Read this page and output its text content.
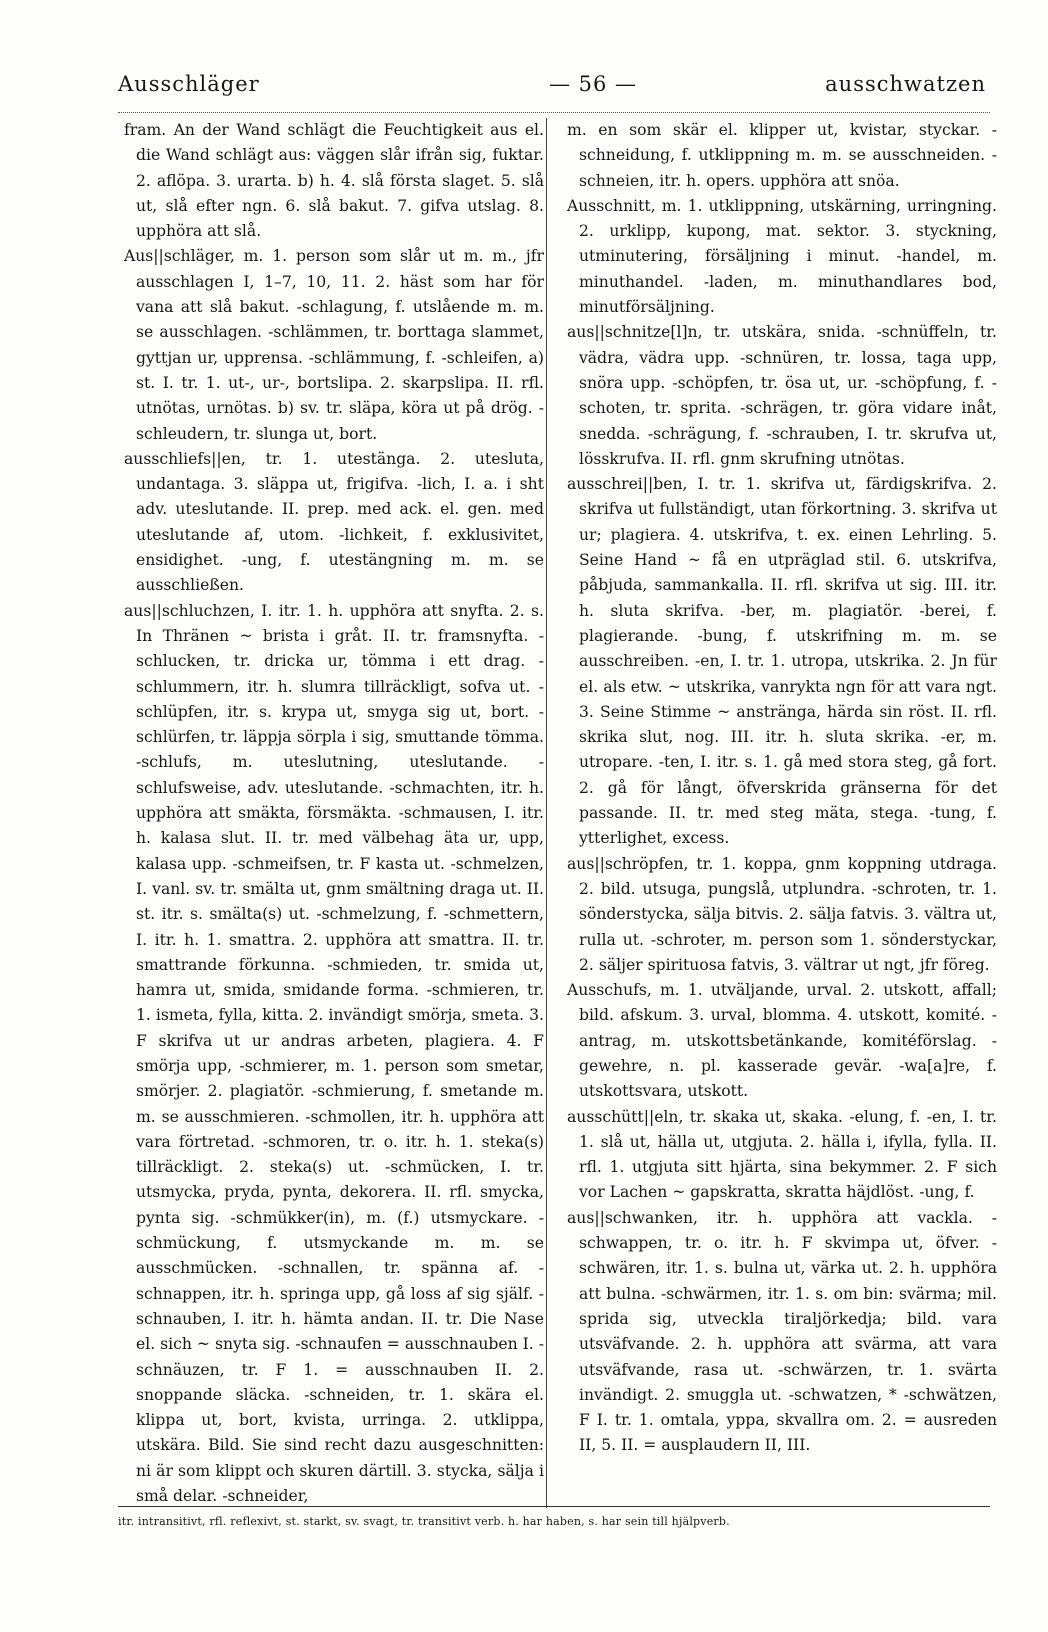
Ausschläger	— 56 —	ausschwatzen

fram. An der Wand schlägt die Feuchtigkeit aus el. die Wand schlägt aus: väggen slår ifrån sig, fuktar. 2. aflöpa. 3. urarta. b) h. 4. slå första slaget. 5. slå ut, slå efter ngn. 6. slå bakut. 7. gifva utslag. 8. upphöra att slå.

Aus||schläger, m. 1. person som slår ut m. m., jfr ausschlagen I, 1–7, 10, 11. 2. häst som har för vana att slå bakut. -schlagung, f. utslående m. m. se ausschlagen. -schlämmen, tr. borttaga slammet, gyttjan ur, upprensa. -schlämmung, f. -schleifen, a) st. I. tr. 1. ut-, ur-, bortslipa. 2. skarpslipa. II. rfl. utnötas, urnötas. b) sv. tr. släpa, köra ut på drög. -schleudern, tr. slunga ut, bort.

ausschliefs||en, tr. 1. utestänga. 2. utesluta, undantaga. 3. släppa ut, frigifva. -lich, I. a. i sht adv. uteslutande. II. prep. med ack. el. gen. med uteslutande af, utom. -lichkeit, f. exklusivitet, ensidighet. -ung, f. utestängning m. m. se ausschließen.

aus||schluchzen, I. itr. 1. h. upphöra att snyfta. 2. s. In Thränen ~ brista i gråt. II. tr. framsnyfta. -schlucken, tr. dricka ur, tömma i ett drag. -schlummern, itr. h. slumra tillräckligt, sofva ut. -schlüpfen, itr. s. krypa ut, smyga sig ut, bort. -schlürfen, tr. läppja sörpla i sig, smuttande tömma. -schlufs, m. uteslutning, uteslutande. -schlufsweise, adv. uteslutande. -schmachten, itr. h. upphöra att smäkta, försmäkta. -schmausen, I. itr. h. kalasa slut. II. tr. med välbehag äta ur, upp, kalasa upp. -schmeifsen, tr. F kasta ut. -schmelzen, I. vanl. sv. tr. smälta ut, gnm smältning draga ut. II. st. itr. s. smälta(s) ut. -schmelzung, f. -schmettern, I. itr. h. 1. smattra. 2. upphöra att smattra. II. tr. smattrande förkunna. -schmieden, tr. smida ut, hamra ut, smida, smidande forma. -schmieren, tr. 1. ismeta, fylla, kitta. 2. invändigt smörja, smeta. 3. F skrifva ut ur andras arbeten, plagiera. 4. F smörja upp, -schmierer, m. 1. person som smetar, smörjer. 2. plagiatör. -schmierung, f. smetande m. m. se ausschmieren. -schmollen, itr. h. upphöra att vara förtretad. -schmoren, tr. o. itr. h. 1. steka(s) tillräckligt. 2. steka(s) ut. -schmücken, I. tr. utsmycka, pryda, pynta, dekorera. II. rfl. smycka, pynta sig. -schmükker(in), m. (f.) utsmyckare. -schmückung, f. utsmyckande m. m. se ausschmücken. -schnallen, tr. spänna af. -schnappen, itr. h. springa upp, gå loss af sig själf. -schnauben, I. itr. h. hämta andan. II. tr. Die Nase el. sich ~ snyta sig. -schnaufen = ausschnauben I. -schnäuzen, tr. F 1. = ausschnauben II. 2. snoppande släcka. -schneiden, tr. 1. skära el. klippa ut, bort, kvista, urringa. 2. utklippa, utskära. Bild. Sie sind recht dazu ausgeschnitten: ni är som klippt och skuren därtill. 3. stycka, sälja i små delar. -schneider,

m. en som skär el. klipper ut, kvistar, styckar. -schneidung, f. utklippning m. m. se ausschneiden. -schneien, itr. h. opers. upphöra att snöa.

Ausschnitt, m. 1. utklippning, utskärning, urringning. 2. urklipp, kupong, mat. sektor. 3. styckning, utminutering, försäljning i minut. -handel, m. minuthandel. -laden, m. minuthandlares bod, minutförsäljning.

aus||schnitze[l]n, tr. utskära, snida. -schnüffeln, tr. vädra, vädra upp. -schnüren, tr. lossa, taga upp, snöra upp. -schöpfen, tr. ösa ut, ur. -schöpfung, f. -schoten, tr. sprita. -schrägen, tr. göra vidare inåt, snedda. -schrägung, f. -schrauben, I. tr. skrufva ut, lösskrufva. II. rfl. gnm skrufning utnötas.

ausschrei||ben, I. tr. 1. skrifva ut, färdigskrifva. 2. skrifva ut fullständigt, utan förkortning. 3. skrifva ut ur; plagiera. 4. utskrifva, t. ex. einen Lehrling. 5. Seine Hand ~ få en utpräglad stil. 6. utskrifva, påbjuda, sammankalla. II. rfl. skrifva ut sig. III. itr. h. sluta skrifva. -ber, m. plagiatör. -berei, f. plagierande. -bung, f. utskrifning m. m. se ausschreiben. -en, I. tr. 1. utropa, utskrika. 2. Jn für el. als etw. ~ utskrika, vanrykta ngn för att vara ngt. 3. Seine Stimme ~ anstränga, härda sin röst. II. rfl. skrika slut, nog. III. itr. h. sluta skrika. -er, m. utropare. -ten, I. itr. s. 1. gå med stora steg, gå fort. 2. gå för långt, öfverskrida gränserna för det passande. II. tr. med steg mäta, stega. -tung, f. ytterlighet, excess.

aus||schröpfen, tr. 1. koppa, gnm koppning utdraga. 2. bild. utsuga, pungslå, utplundra. -schroten, tr. 1. sönderstycka, sälja bitvis. 2. sälja fatvis. 3. vältra ut, rulla ut. -schroter, m. person som 1. sönderstyckar, 2. säljer spirituosa fatvis, 3. vältrar ut ngt, jfr föreg.

Ausschufs, m. 1. utväljande, urval. 2. utskott, affall; bild. afskum. 3. urval, blomma. 4. utskott, komité. -antrag, m. utskottsbetänkande, komitéförslag. -gewehre, n. pl. kasserade gevär. -wa[a]re, f. utskottsvara, utskott.

ausschütt||eln, tr. skaka ut, skaka. -elung, f. -en, I. tr. 1. slå ut, hälla ut, utgjuta. 2. hälla i, ifylla, fylla. II. rfl. 1. utgjuta sitt hjärta, sina bekymmer. 2. F sich vor Lachen ~ gapskratta, skratta häjdlöst. -ung, f.

aus||schwanken, itr. h. upphöra att vackla. -schwappen, tr. o. itr. h. F skvimpa ut, öfver. -schwären, itr. 1. s. bulna ut, värka ut. 2. h. upphöra att bulna. -schwärmen, itr. 1. s. om bin: svärma; mil. sprida sig, utveckla tiraljörkedja; bild. vara utsväfvande. 2. h. upphöra att svärma, att vara utsväfvande, rasa ut. -schwärzen, tr. 1. svärta invändigt. 2. smuggla ut. -schwatzen, * -schwätzen, F I. tr. 1. omtala, yppa, skvallra om. 2. = ausreden II, 5. II. = ausplaudern II, III.

itr. intransitivt, rfl. reflexivt, st. starkt, sv. svagt, tr. transitivt verb. h. har haben, s. har sein till hjälpverb.
